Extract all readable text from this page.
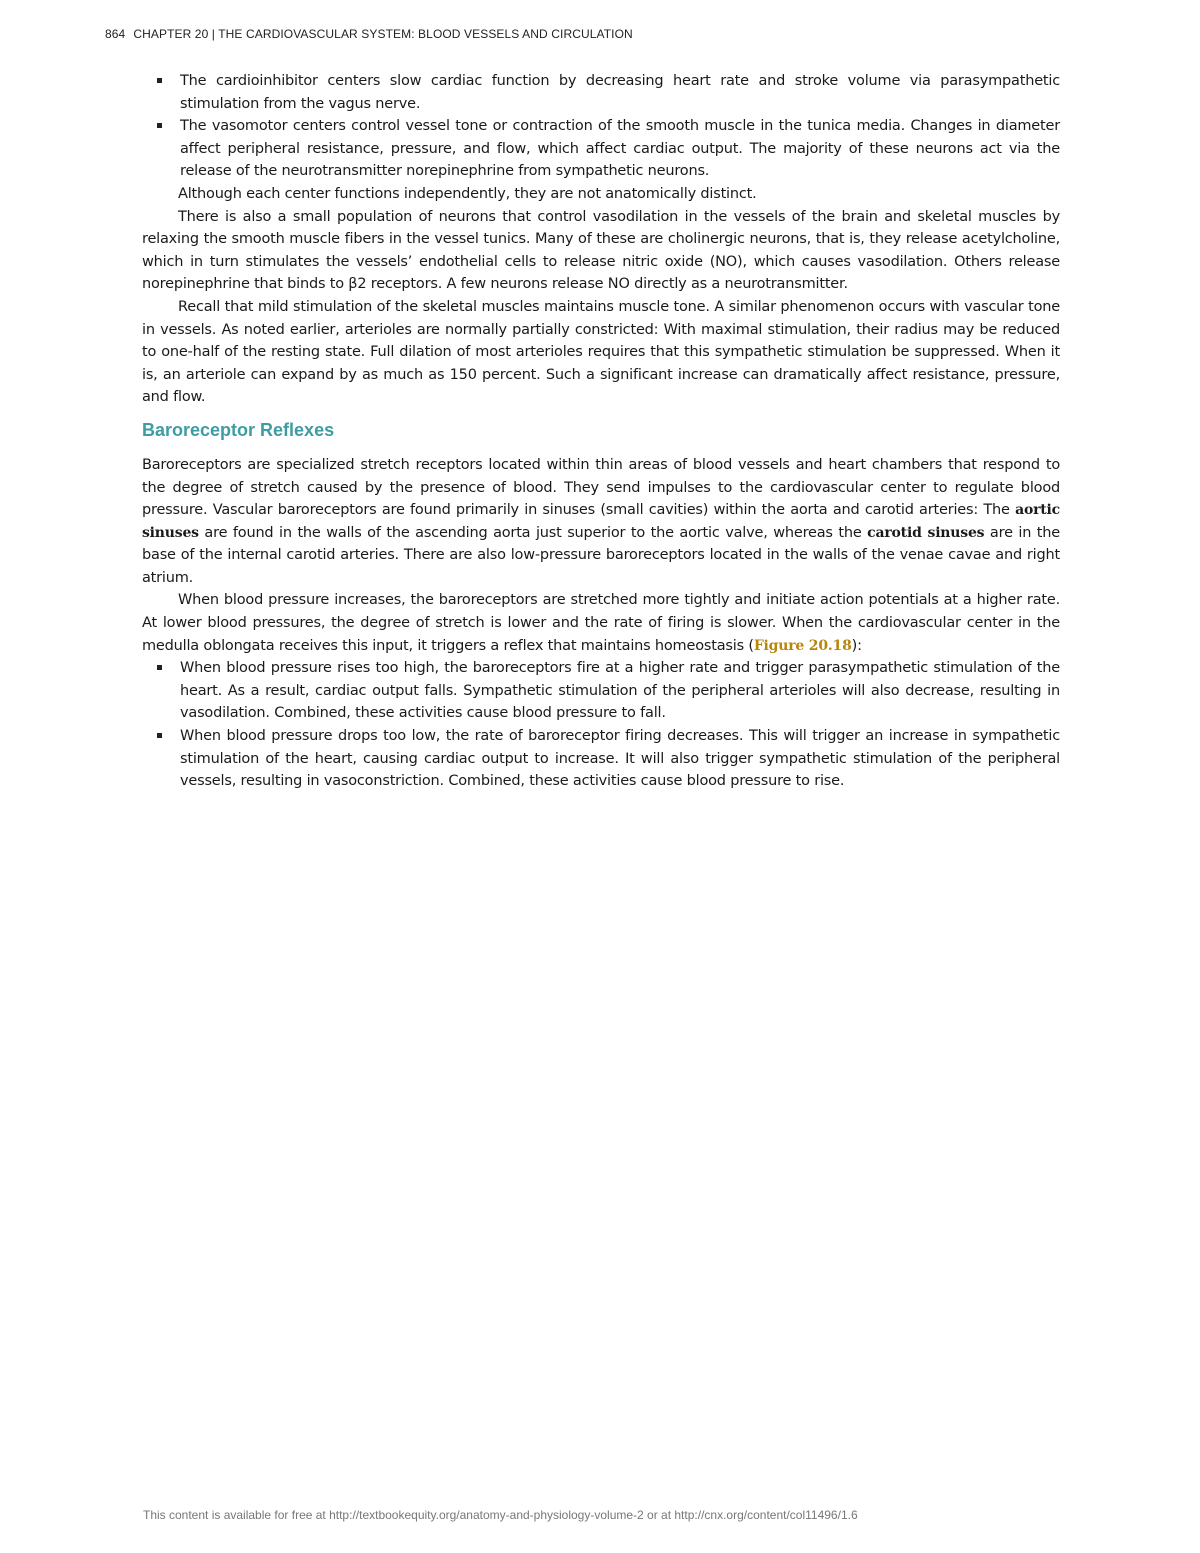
864 CHAPTER 20 | THE CARDIOVASCULAR SYSTEM: BLOOD VESSELS AND CIRCULATION
The cardioinhibitor centers slow cardiac function by decreasing heart rate and stroke volume via parasympathetic stimulation from the vagus nerve.
The vasomotor centers control vessel tone or contraction of the smooth muscle in the tunica media. Changes in diameter affect peripheral resistance, pressure, and flow, which affect cardiac output. The majority of these neurons act via the release of the neurotransmitter norepinephrine from sympathetic neurons.

Although each center functions independently, they are not anatomically distinct.

There is also a small population of neurons that control vasodilation in the vessels of the brain and skeletal muscles by relaxing the smooth muscle fibers in the vessel tunics. Many of these are cholinergic neurons, that is, they release acetylcholine, which in turn stimulates the vessels’ endothelial cells to release nitric oxide (NO), which causes vasodilation. Others release norepinephrine that binds to β2 receptors. A few neurons release NO directly as a neurotransmitter.

Recall that mild stimulation of the skeletal muscles maintains muscle tone. A similar phenomenon occurs with vascular tone in vessels. As noted earlier, arterioles are normally partially constricted: With maximal stimulation, their radius may be reduced to one-half of the resting state. Full dilation of most arterioles requires that this sympathetic stimulation be suppressed. When it is, an arteriole can expand by as much as 150 percent. Such a significant increase can dramatically affect resistance, pressure, and flow.

Baroreceptor Reflexes

Baroreceptors are specialized stretch receptors located within thin areas of blood vessels and heart chambers that respond to the degree of stretch caused by the presence of blood. They send impulses to the cardiovascular center to regulate blood pressure. Vascular baroreceptors are found primarily in sinuses (small cavities) within the aorta and carotid arteries: The aortic sinuses are found in the walls of the ascending aorta just superior to the aortic valve, whereas the carotid sinuses are in the base of the internal carotid arteries. There are also low-pressure baroreceptors located in the walls of the venae cavae and right atrium.

When blood pressure increases, the baroreceptors are stretched more tightly and initiate action potentials at a higher rate. At lower blood pressures, the degree of stretch is lower and the rate of firing is slower. When the cardiovascular center in the medulla oblongata receives this input, it triggers a reflex that maintains homeostasis (Figure 20.18):

When blood pressure rises too high, the baroreceptors fire at a higher rate and trigger parasympathetic stimulation of the heart. As a result, cardiac output falls. Sympathetic stimulation of the peripheral arterioles will also decrease, resulting in vasodilation. Combined, these activities cause blood pressure to fall.
When blood pressure drops too low, the rate of baroreceptor firing decreases. This will trigger an increase in sympathetic stimulation of the heart, causing cardiac output to increase. It will also trigger sympathetic stimulation of the peripheral vessels, resulting in vasoconstriction. Combined, these activities cause blood pressure to rise.
This content is available for free at http://textbookequity.org/anatomy-and-physiology-volume-2 or at http://cnx.org/content/col11496/1.6
